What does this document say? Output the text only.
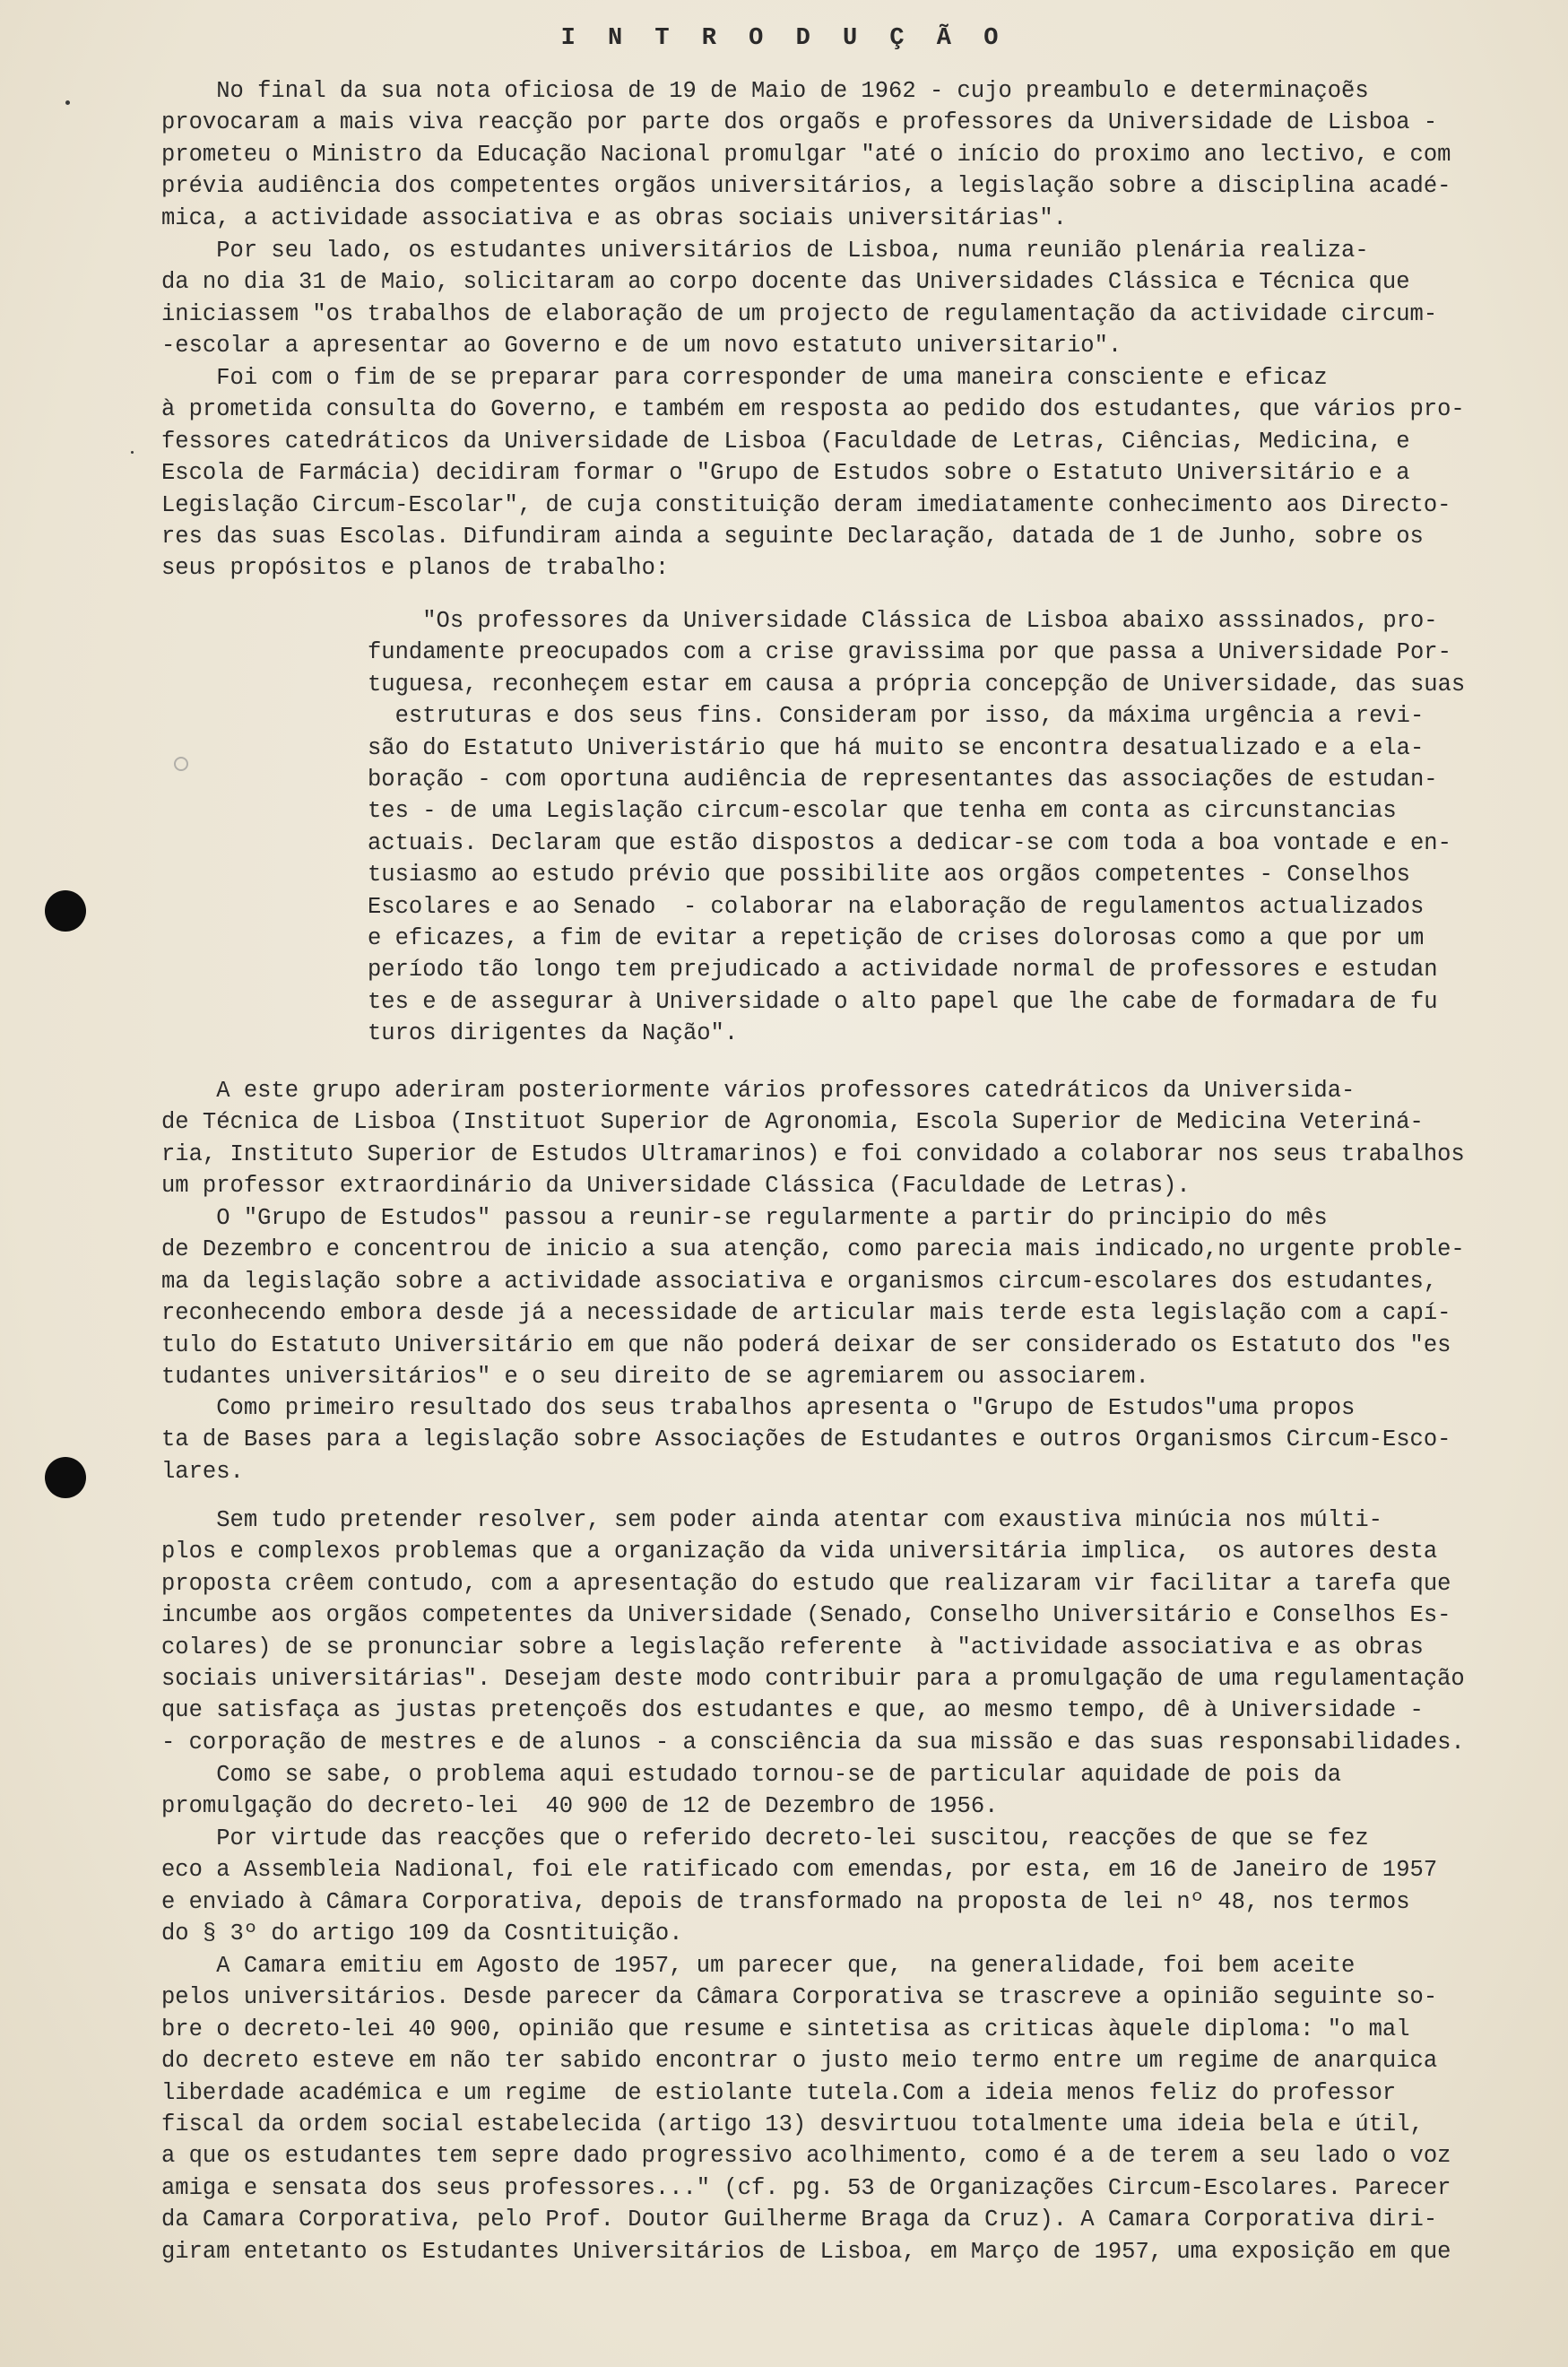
I N T R O D U Ç Ã O

No final da sua nota oficiosa de 19 de Maio de 1962 - cujo preambulo e determinaçoẽs
provocaram a mais viva reacção por parte dos orgaõs e professores da Universidade de Lisboa -
prometeu o Ministro da Educação Nacional promulgar "até o início do proximo ano lectivo, e com
prévia audiência dos competentes orgãos universitários, a legislação sobre a disciplina acadé-
mica, a actividade associativa e as obras sociais universitárias".

Por seu lado, os estudantes universitários de Lisboa, numa reunião plenária realiza-
da no dia 31 de Maio, solicitaram ao corpo docente das Universidades Clássica e Técnica que
iniciassem "os trabalhos de elaboração de um projecto de regulamentação da actividade circum-
-escolar a apresentar ao Governo e de um novo estatuto universitario".

Foi com o fim de se preparar para corresponder de uma maneira consciente e eficaz
à prometida consulta do Governo, e também em resposta ao pedido dos estudantes, que vários pro-
fessores catedráticos da Universidade de Lisboa (Faculdade de Letras, Ciências, Medicina, e
Escola de Farmácia) decidiram formar o "Grupo de Estudos sobre o Estatuto Universitário e a
Legislação Circum-Escolar", de cuja constituição deram imediatamente conhecimento aos Directo-
res das suas Escolas. Difundiram ainda a seguinte Declaração, datada de 1 de Junho, sobre os
seus propósitos e planos de trabalho:

"Os professores da Universidade Clássica de Lisboa abaixo asssinados, pro-
fundamente preocupados com a crise gravissima por que passa a Universidade Por-
tuguesa, reconheçem estar em causa a própria concepção de Universidade, das suas
estruturas e dos seus fins. Consideram por isso, da máxima urgência a revi-
são do Estatuto Univeristário que há muito se encontra desatualizado e a ela-
boração - com oportuna audiência de representantes das associações de estudan-
tes - de uma Legislação circum-escolar que tenha em conta as circunstancias
actuais. Declaram que estão dispostos a dedicar-se com toda a boa vontade e en-
tusiasmo ao estudo prévio que possibilite aos orgãos competentes - Conselhos
Escolares e ao Senado  - colaborar na elaboração de regulamentos actualizados
e eficazes, a fim de evitar a repetição de crises dolorosas como a que por um
período tão longo tem prejudicado a actividade normal de professores e estudan
tes e de assegurar à Universidade o alto papel que lhe cabe de formadara de fu
turos dirigentes da Nação".

A este grupo aderiram posteriormente vários professores catedráticos da Universida-
de Técnica de Lisboa (Instituot Superior de Agronomia, Escola Superior de Medicina Veteriná-
ria, Instituto Superior de Estudos Ultramarinos) e foi convidado a colaborar nos seus trabalhos
um professor extraordinário da Universidade Clássica (Faculdade de Letras).

O "Grupo de Estudos" passou a reunir-se regularmente a partir do principio do mês
de Dezembro e concentrou de inicio a sua atenção, como parecia mais indicado,no urgente proble-
ma da legislação sobre a actividade associativa e organismos circum-escolares dos estudantes,
reconhecendo embora desde já a necessidade de articular mais terde esta legislação com a capí-
tulo do Estatuto Universitário em que não poderá deixar de ser considerado os Estatuto dos "es
tudantes universitários" e o seu direito de se agremiarem ou associarem.

Como primeiro resultado dos seus trabalhos apresenta o "Grupo de Estudos"uma propos
ta de Bases para a legislação sobre Associações de Estudantes e outros Organismos Circum-Esco-
lares.

Sem tudo pretender resolver, sem poder ainda atentar com exaustiva minúcia nos múlti-
plos e complexos problemas que a organização da vida universitária implica,  os autores desta
proposta crêem contudo, com a apresentação do estudo que realizaram vir facilitar a tarefa que
incumbe aos orgãos competentes da Universidade (Senado, Conselho Universitário e Conselhos Es-
colares) de se pronunciar sobre a legislação referente  à "actividade associativa e as obras
sociais universitárias". Desejam deste modo contribuir para a promulgação de uma regulamentação
que satisfaça as justas pretençoẽs dos estudantes e que, ao mesmo tempo, dê à Universidade -
- corporação de mestres e de alunos - a consciência da sua missão e das suas responsabilidades.

Como se sabe, o problema aqui estudado tornou-se de particular aquidade de pois da
promulgação do decreto-lei  40 900 de 12 de Dezembro de 1956.

Por virtude das reacções que o referido decreto-lei suscitou, reacções de que se fez
eco a Assembleia Nadional, foi ele ratificado com emendas, por esta, em 16 de Janeiro de 1957
e enviado à Câmara Corporativa, depois de transformado na proposta de lei nº 48, nos termos
do § 3º do artigo 109 da Cosntituição.

A Camara emitiu em Agosto de 1957, um parecer que,  na generalidade, foi bem aceite
pelos universitários. Desde parecer da Câmara Corporativa se trascreve a opinião seguinte so-
bre o decreto-lei 40 900, opinião que resume e sintetisa as criticas àquele diploma: "o mal
do decreto esteve em não ter sabido encontrar o justo meio termo entre um regime de anarquica
liberdade académica e um regime  de estiolante tutela.Com a ideia menos feliz do professor
fiscal da ordem social estabelecida (artigo 13) desvirtuou totalmente uma ideia bela e útil,
a que os estudantes tem sepre dado progressivo acolhimento, como é a de terem a seu lado o voz
amiga e sensata dos seus professores..." (cf. pg. 53 de Organizações Circum-Escolares. Parecer
da Camara Corporativa, pelo Prof. Doutor Guilherme Braga da Cruz). A Camara Corporativa diri-
giram entetanto os Estudantes Universitários de Lisboa, em Março de 1957, uma exposição em que
